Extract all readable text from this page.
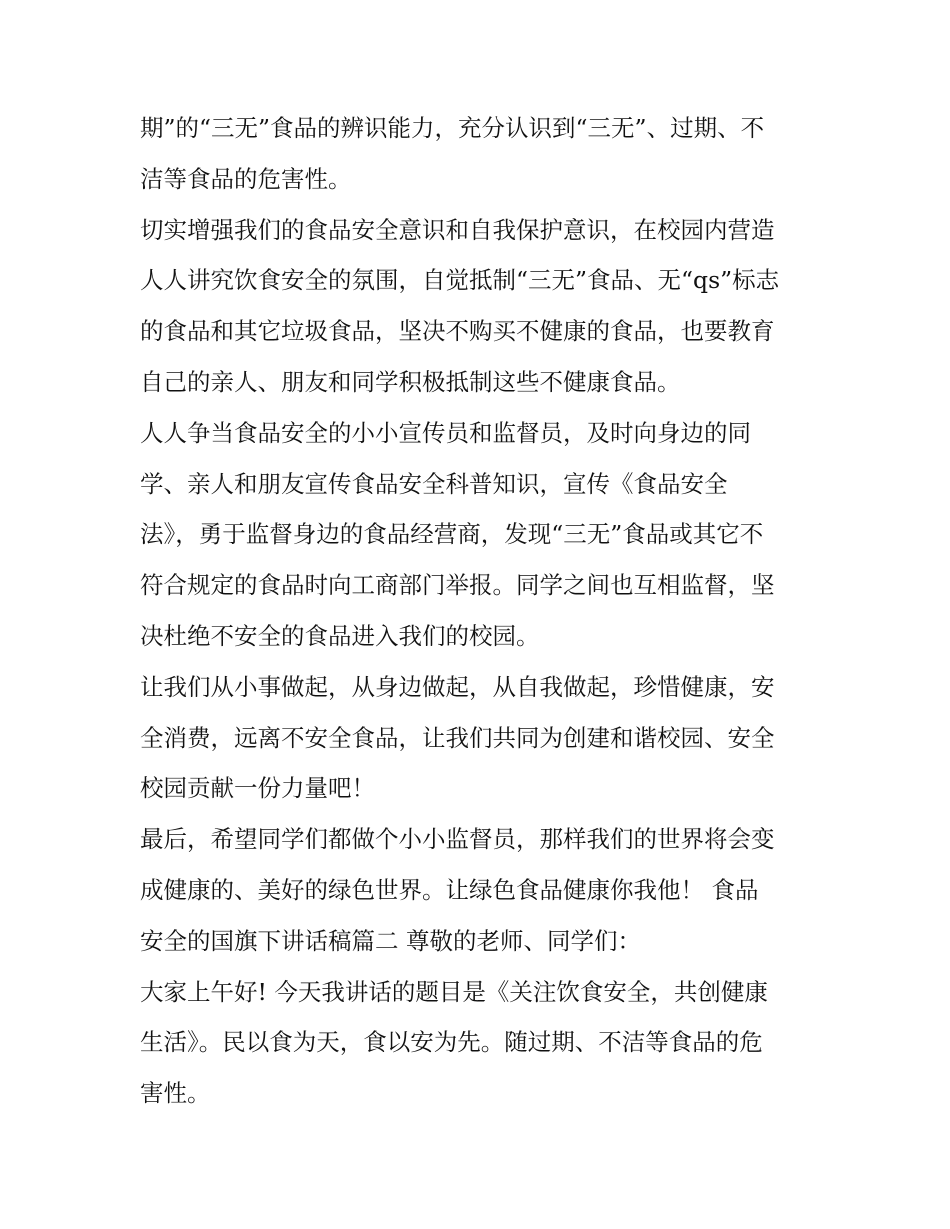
期”的“三无”食品的辨识能力，充分认识到“三无”、过期、不
洁等食品的危害性。
切实增强我们的食品安全意识和自我保护意识，在校园内营造
人人讲究饮食安全的氛围，自觉抵制“三无”食品、无“qs”标志
的食品和其它垃圾食品，坚决不购买不健康的食品，也要教育
自己的亲人、朋友和同学积极抵制这些不健康食品。
人人争当食品安全的小小宣传员和监督员，及时向身边的同
学、亲人和朋友宣传食品安全科普知识，宣传《食品安全
法》，勇于监督身边的食品经营商，发现“三无”食品或其它不
符合规定的食品时向工商部门举报。同学之间也互相监督，坚
决杜绝不安全的食品进入我们的校园。
让我们从小事做起，从身边做起，从自我做起，珍惜健康，安
全消费，远离不安全食品，让我们共同为创建和谐校园、安全
校园贡献一份力量吧！
最后，希望同学们都做个小小监督员，那样我们的世界将会变
成健康的、美好的绿色世界。让绿色食品健康你我他！ 食品
安全的国旗下讲话稿篇二 尊敬的老师、同学们：
大家上午好! 今天我讲话的题目是《关注饮食安全，共创健康
生活》。民以食为天，食以安为先。随过期、不洁等食品的危
害性。
